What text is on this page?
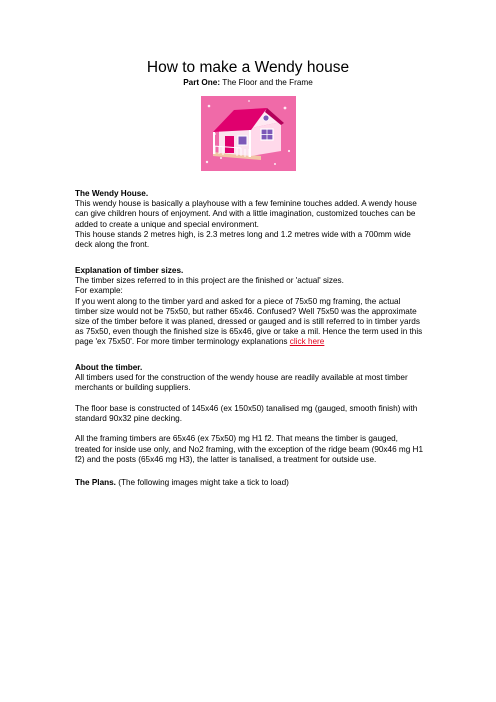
How to make a Wendy house
Part One: The Floor and the Frame

The Wendy House.

This wendy house is basically a playhouse with a few feminine touches added. A wendy house can give children hours of enjoyment. And with a little imagination, customized touches can be added to create a unique and special environment.

This house stands 2 metres high, is 2.3 metres long and 1.2 metres wide with a 700mm wide deck along the front.

Explanation of timber sizes.

The timber sizes referred to in this project are the finished or 'actual' sizes.

For example:

If you went along to the timber yard and asked for a piece of 75x50 mg framing, the actual timber size would not be 75x50, but rather 65x46. Confused? Well 75x50 was the approximate size of the timber before it was planed, dressed or gauged and is still referred to in timber yards as 75x50, even though the finished size is 65x46, give or take a mil. Hence the term used in this page 'ex 75x50'. For more timber terminology explanations click here

About the timber.

All timbers used for the construction of the wendy house are readily available at most timber merchants or building suppliers.

The floor base is constructed of 145x46 (ex 150x50) tanalised mg (gauged, smooth finish) with standard 90x32 pine decking.

All the framing timbers are 65x46 (ex 75x50) mg H1 f2. That means the timber is gauged, treated for inside use only, and No2 framing, with the exception of the ridge beam (90x46 mg H1 f2) and the posts (65x46 mg H3), the latter is tanalised, a treatment for outside use.

The Plans. (The following images might take a tick to load)
